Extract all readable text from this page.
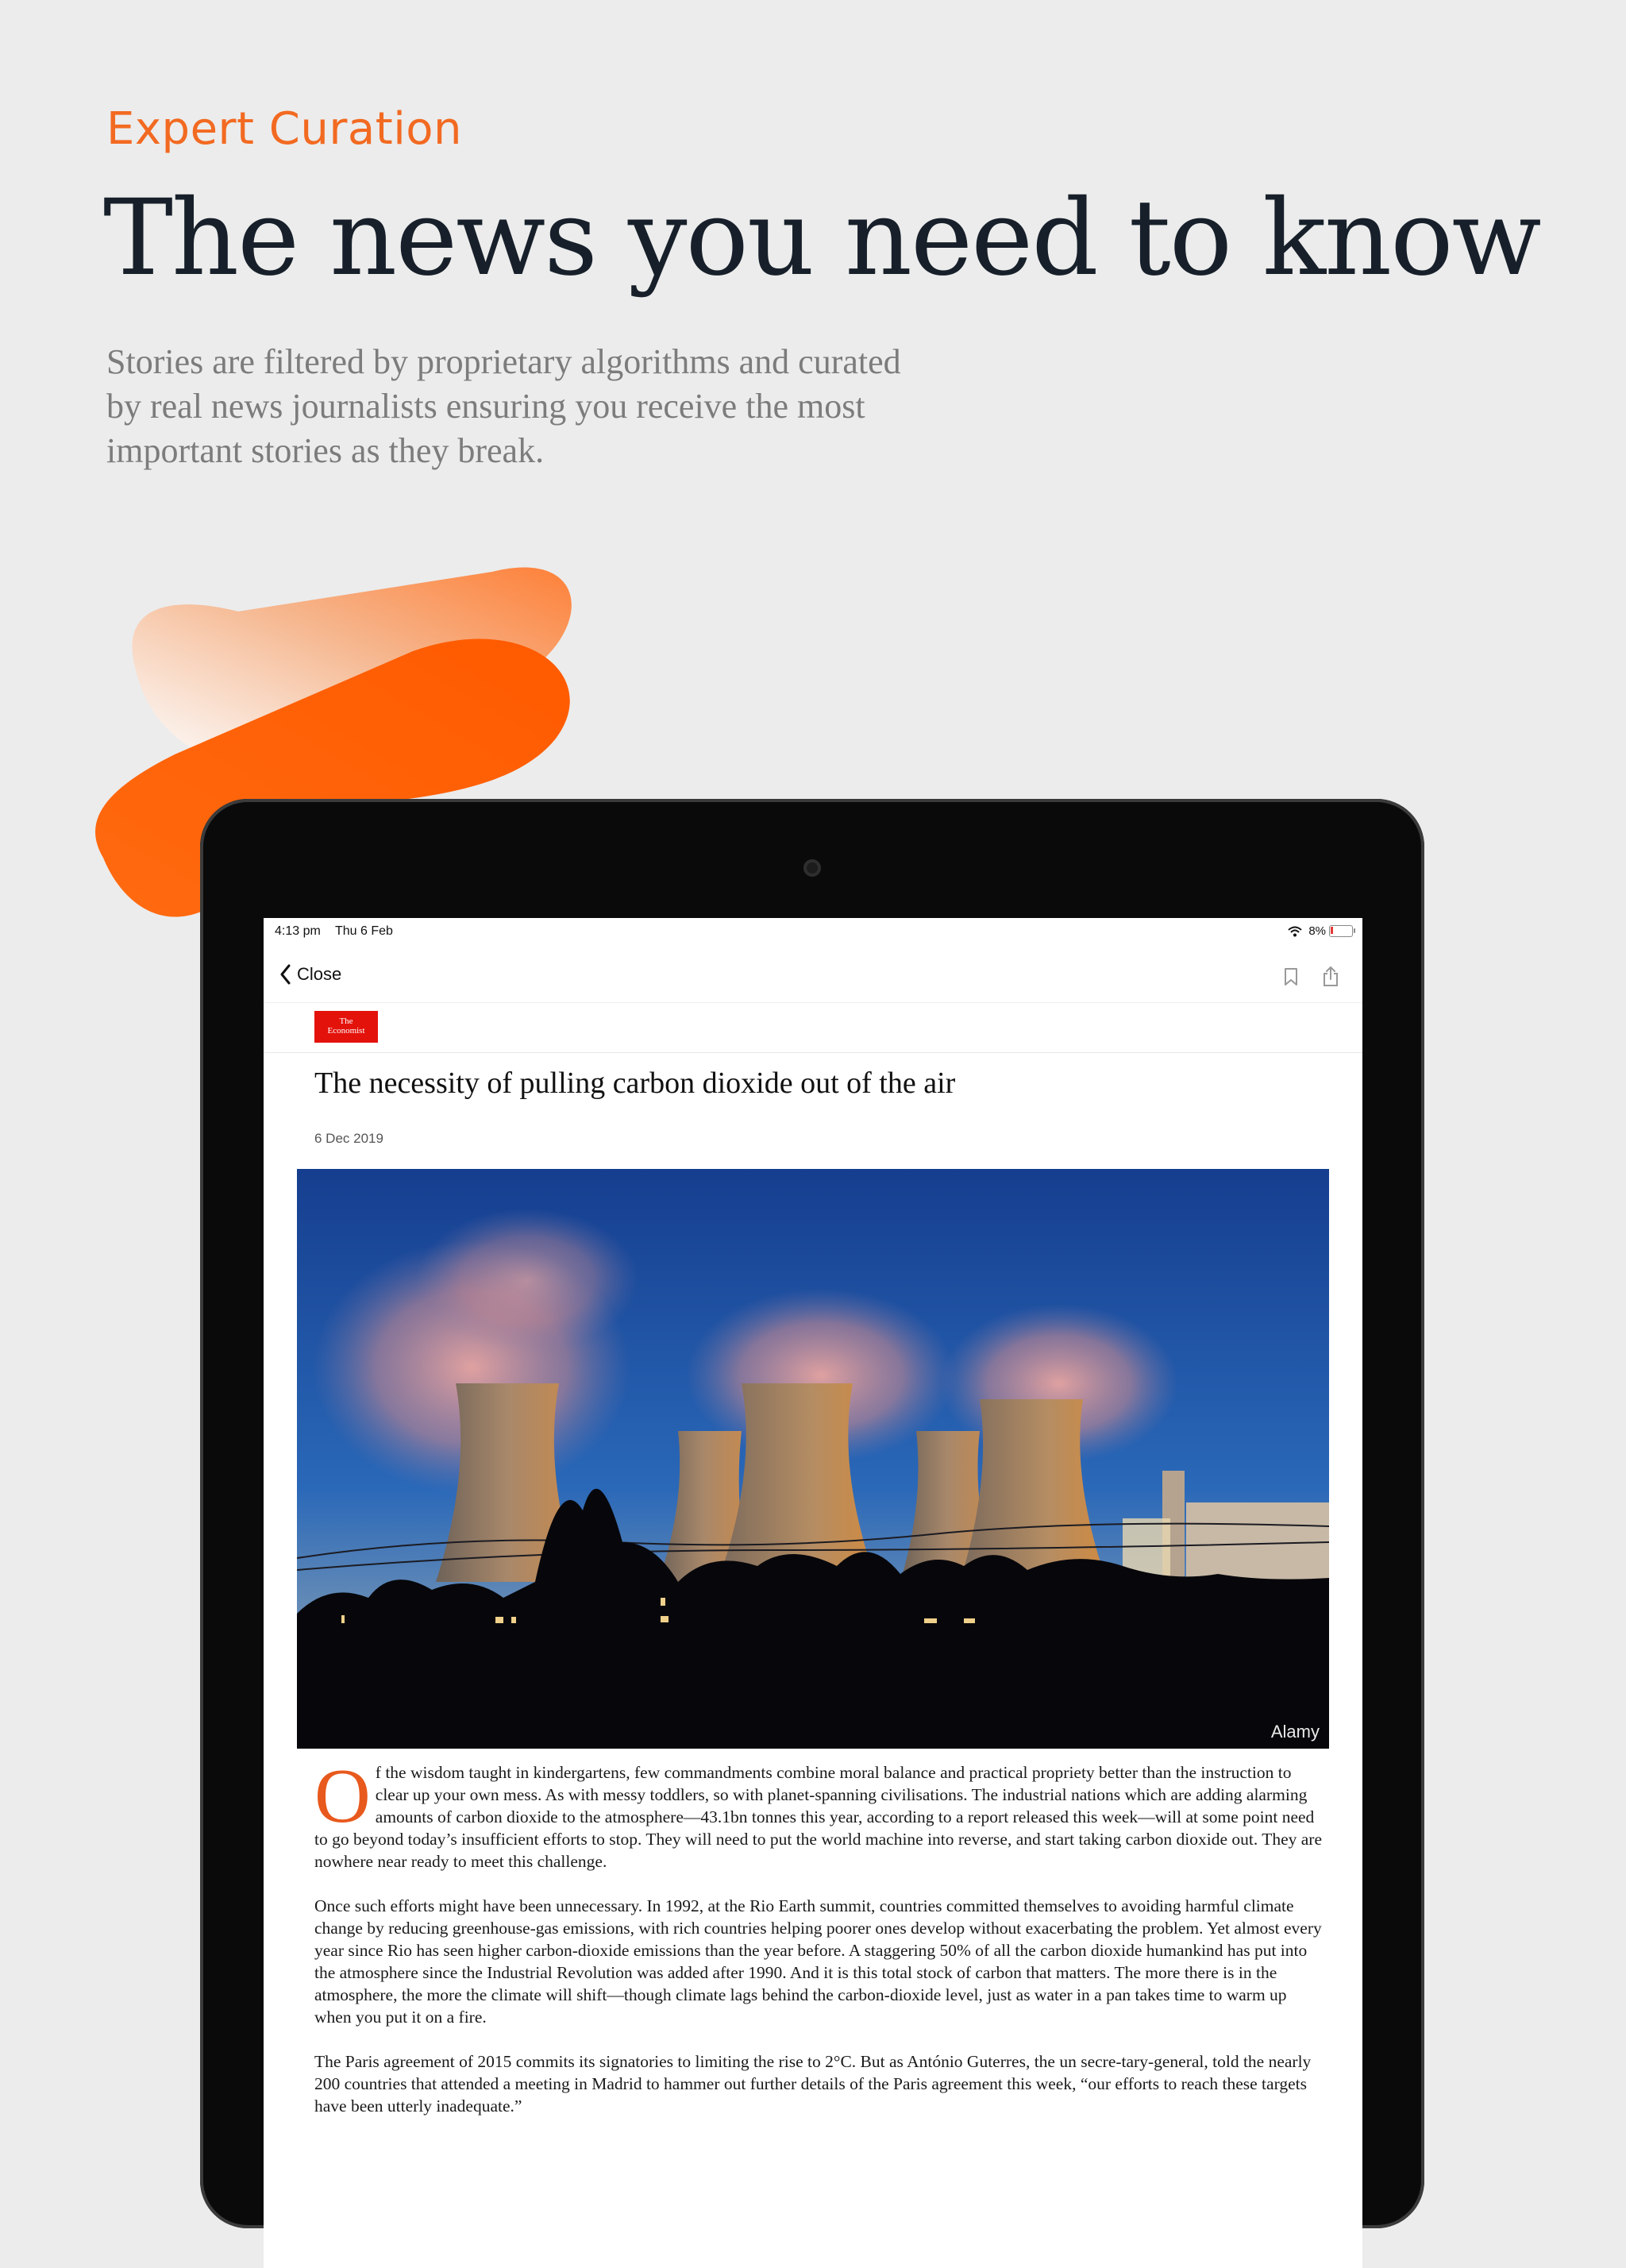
Expert Curation
The news you need to know
Stories are filtered by proprietary algorithms and curated by real news journalists ensuring you receive the most important stories as they break.
4:13 pm Thu 6 Feb	8%
Close
The
Economist
The necessity of pulling carbon dioxide out of the air
6 Dec 2019
Alamy

Of the wisdom taught in kindergartens, few commandments combine moral balance and practical propriety better than the instruction to clear up your own mess. As with messy toddlers, so with planet-spanning civilisations. The industrial nations which are adding alarming amounts of carbon dioxide to the atmosphere—43.1bn tonnes this year, according to a report released this week—will at some point need to go beyond today’s insufficient efforts to stop. They will need to put the world machine into reverse, and start taking carbon dioxide out. They are nowhere near ready to meet this challenge.

Once such efforts might have been unnecessary. In 1992, at the Rio Earth summit, countries committed themselves to avoiding harmful climate change by reducing greenhouse-gas emissions, with rich countries helping poorer ones develop without exacerbating the problem. Yet almost every year since Rio has seen higher carbon-dioxide emissions than the year before. A staggering 50% of all the carbon dioxide humankind has put into the atmosphere since the Industrial Revolution was added after 1990. And it is this total stock of carbon that matters. The more there is in the atmosphere, the more the climate will shift—though climate lags behind the carbon-dioxide level, just as water in a pan takes time to warm up when you put it on a fire.

The Paris agreement of 2015 commits its signatories to limiting the rise to 2°C. But as António Guterres, the un secre-tary-general, told the nearly 200 countries that attended a meeting in Madrid to hammer out further details of the Paris agreement this week, “our efforts to reach these targets have been utterly inadequate.”
